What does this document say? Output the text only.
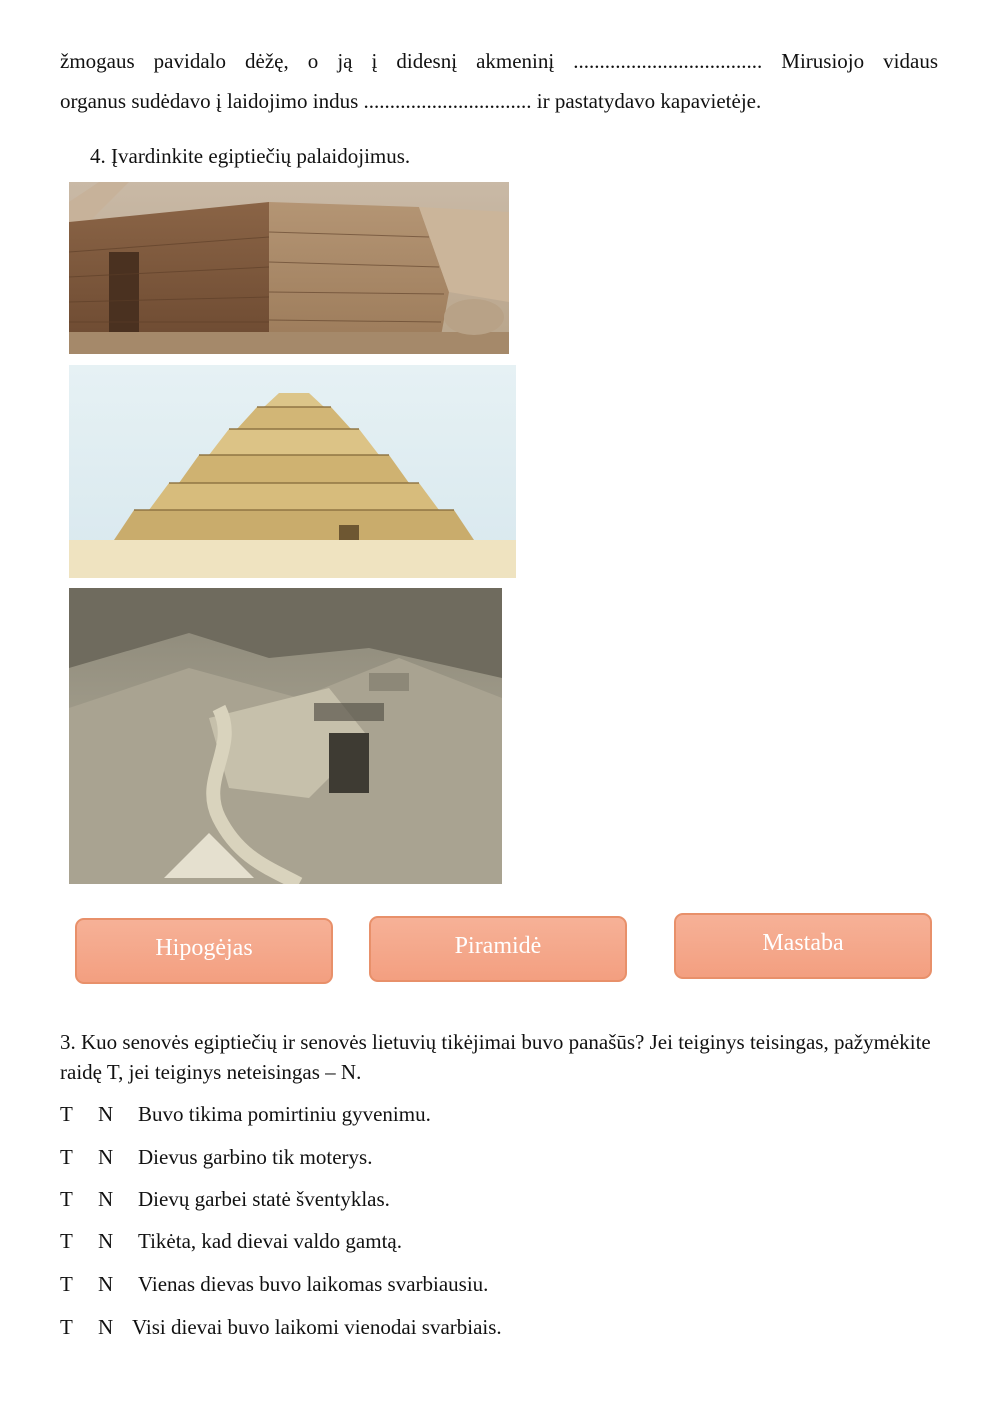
žmogaus pavidalo dėžę, o ją į didesnį akmeninį .................................... Mirusiojo vidaus
organus sudėdavo į laidojimo indus ................................ ir pastatydavo kapavietėje.
4. Įvardinkite egiptiečių palaidojimus.
Hipogėjas	Piramidė	Mastaba
3. Kuo senovės egiptiečių ir senovės lietuvių tikėjimai buvo panašūs? Jei teiginys teisingas, pažymėkite raidę T, jei teiginys neteisingas – N.
T N Buvo tikima pomirtiniu gyvenimu.
T N Dievus garbino tik moterys.
T N Dievų garbei statė šventyklas.
T N Tikėta, kad dievai valdo gamtą.
T N Vienas dievas buvo laikomas svarbiausiu.
T N Visi dievai buvo laikomi vienodai svarbiais.
